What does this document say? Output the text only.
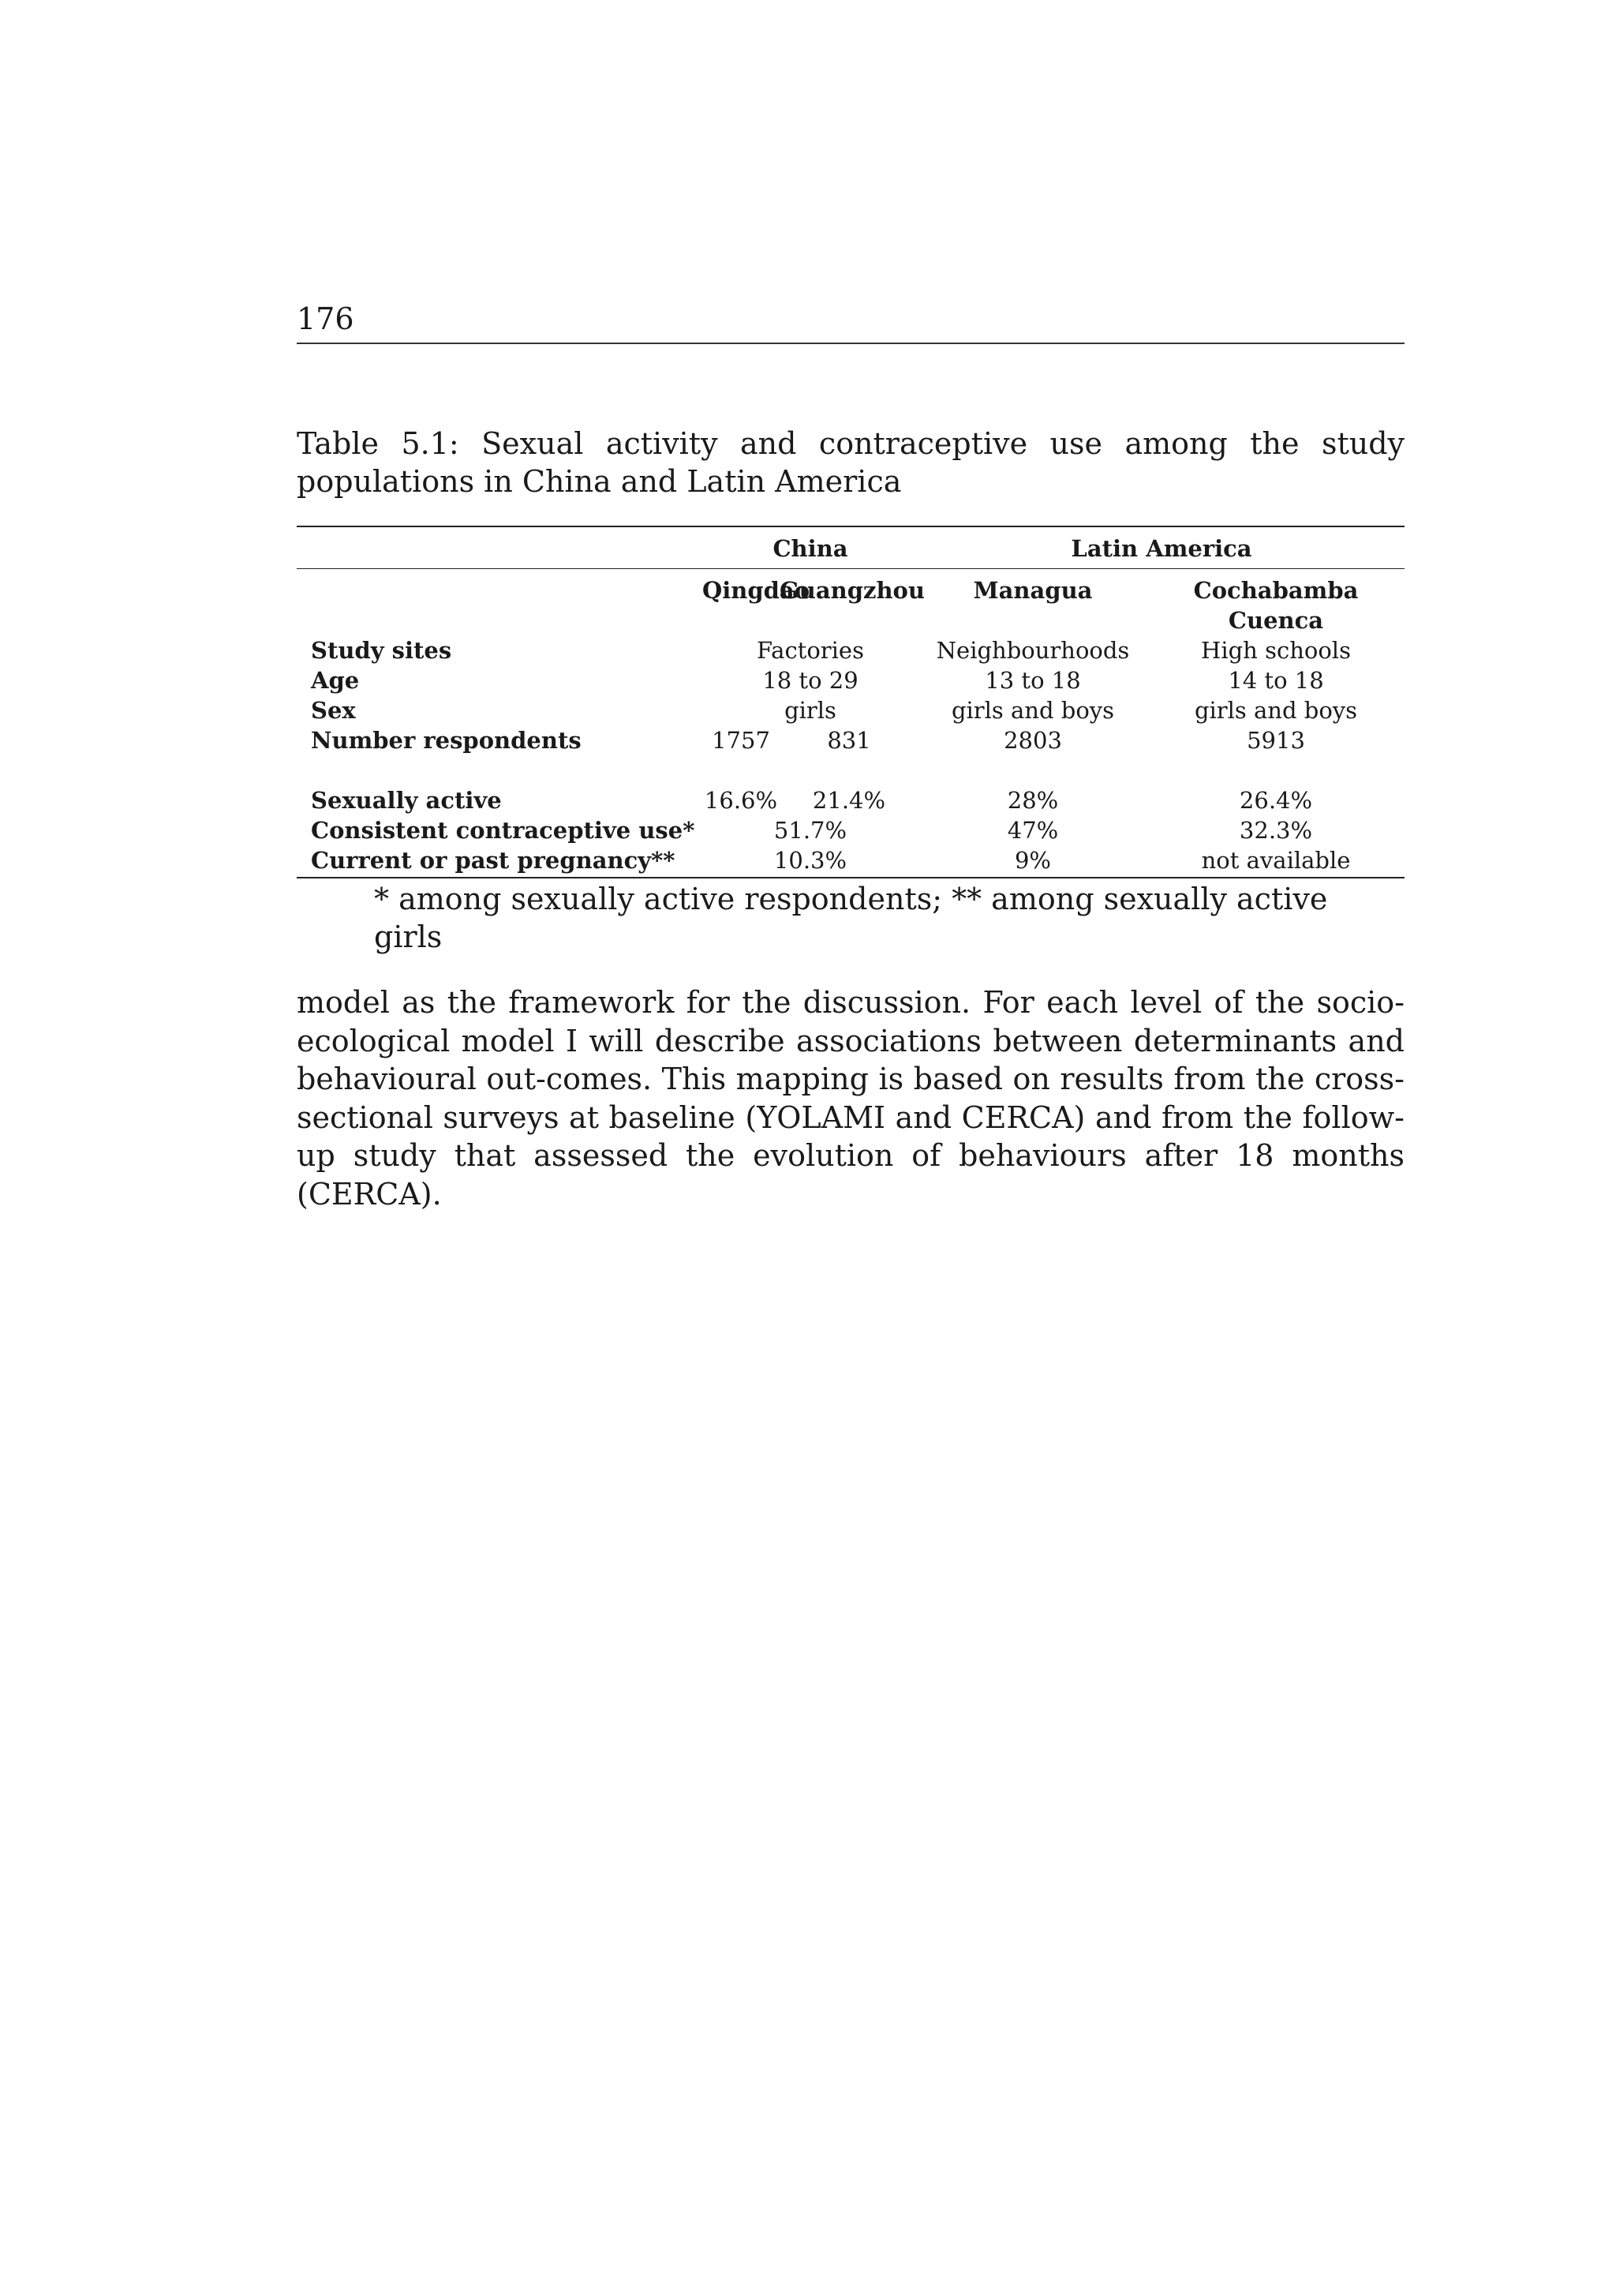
176
Table 5.1: Sexual activity and contraceptive use among the study populations in China and Latin America
	China		Latin America	
	Qingdao	Guangzhou	Managua	Cochabamba
				Cuenca
Study sites	Factories		Neighbourhoods	High schools
Age	18 to 29		13 to 18	14 to 18
Sex	girls		girls and boys	girls and boys
Number respondents	1757	831	2803	5913

Sexually active	16.6%	21.4%	28%	26.4%
Consistent contraceptive use*	51.7%		47%	32.3%
Current or past pregnancy**	10.3%		9%	not available
* among sexually active respondents; ** among sexually active girls

model as the framework for the discussion. For each level of the socio-ecological model I will describe associations between determinants and behavioural out-comes. This mapping is based on results from the cross-sectional surveys at baseline (YOLAMI and CERCA) and from the follow-up study that assessed the evolution of behaviours after 18 months (CERCA).
